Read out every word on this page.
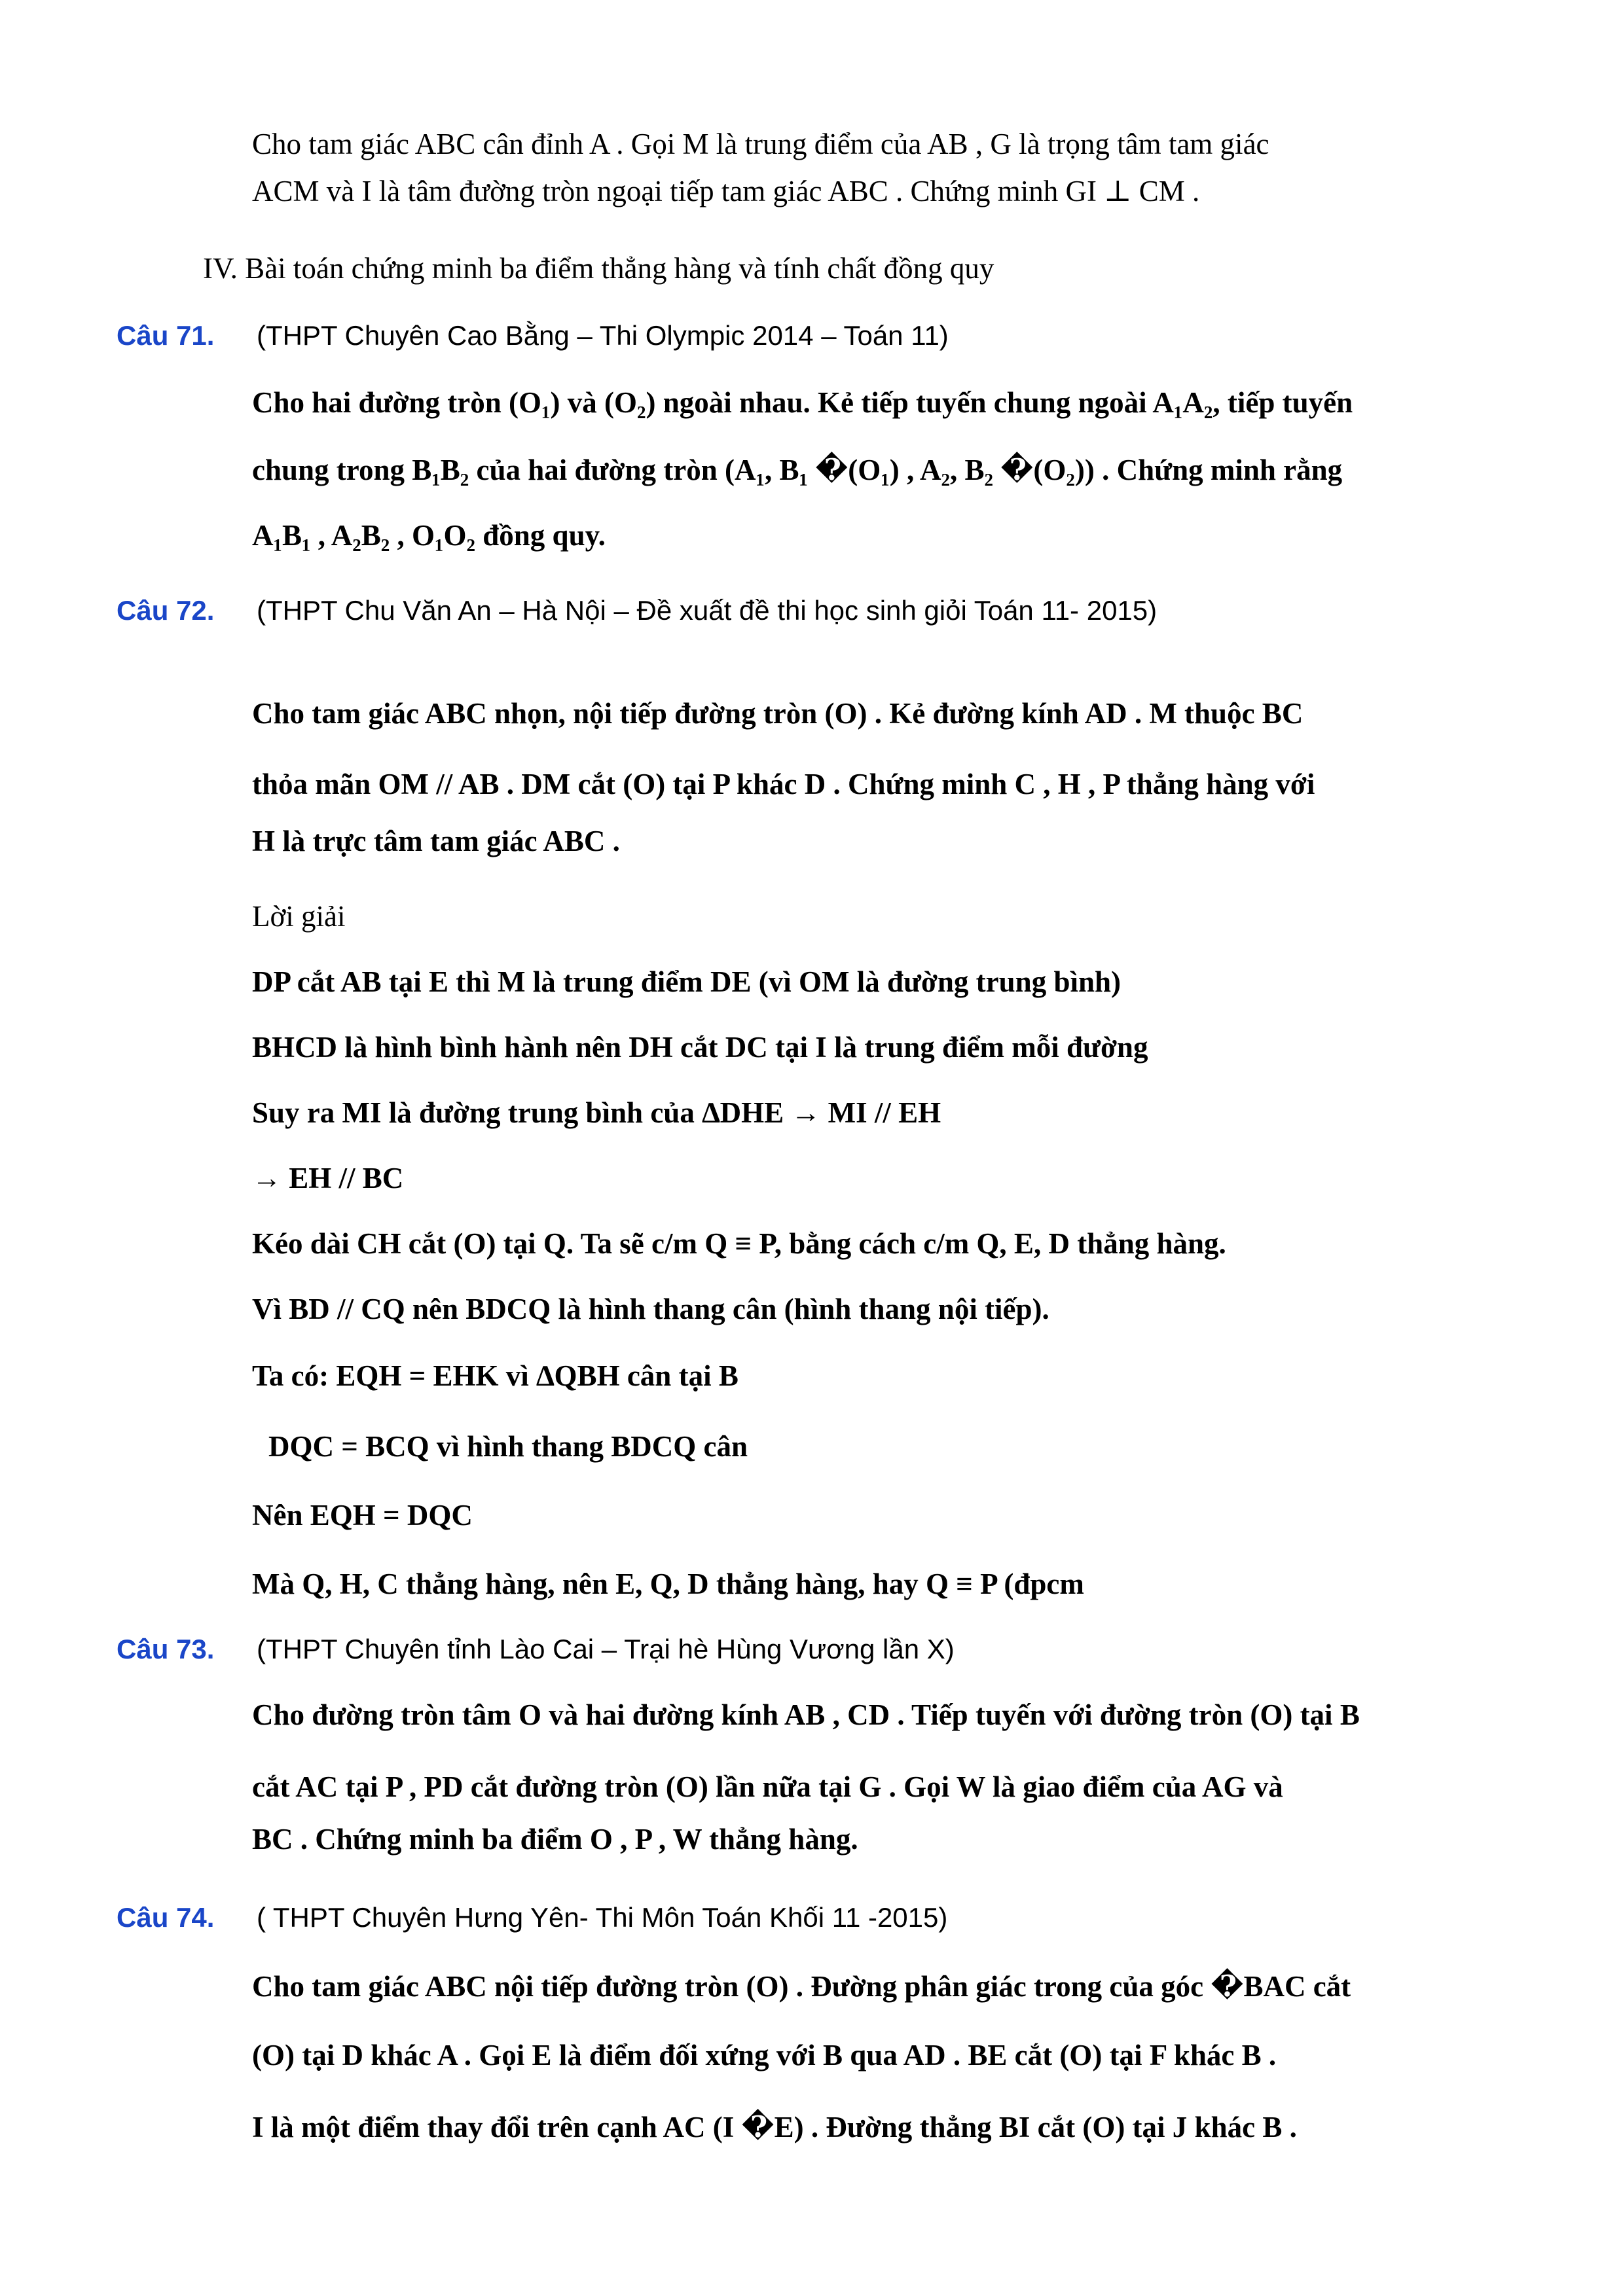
Cho tam giác ABC cân đỉnh A . Gọi M là trung điểm của AB , G là trọng tâm tam giác
ACM và I là tâm đường tròn ngoại tiếp tam giác ABC . Chứng minh GI ⊥ CM .
IV. Bài toán chứng minh ba điểm thẳng hàng và tính chất đồng quy
Câu 71. (THPT Chuyên Cao Bằng – Thi Olympic 2014 – Toán 11)
Cho hai đường tròn (O₁) và (O₂) ngoài nhau. Kẻ tiếp tuyến chung ngoài A₁A₂, tiếp tuyến
chung trong B₁B₂ của hai đường tròn (A₁, B₁ �(O₁) , A₂, B₂ �(O₂)) . Chứng minh rằng
A₁B₁ , A₂B₂ , O₁O₂ đồng quy.
Câu 72. (THPT Chu Văn An – Hà Nội – Đề xuất đề thi học sinh giỏi Toán 11- 2015)
Cho tam giác ABC nhọn, nội tiếp đường tròn (O) . Kẻ đường kính AD . M thuộc BC
thỏa mãn OM // AB . DM cắt (O) tại P khác D . Chứng minh C , H , P thẳng hàng với
H là trực tâm tam giác ABC .
Lời giải
DP cắt AB tại E thì M là trung điểm DE (vì OM là đường trung bình)
BHCD là hình bình hành nên DH cắt DC tại I là trung điểm mỗi đường
Suy ra MI là đường trung bình của ∆DHE → MI // EH
→ EH // BC
Kéo dài CH cắt (O) tại Q. Ta sẽ c/m Q ≡ P, bằng cách c/m Q, E, D thẳng hàng.
Vì BD // CQ nên BDCQ là hình thang cân (hình thang nội tiếp).
Ta có: EQH = EHK vì ∆QBH cân tại B
DQC = BCQ vì hình thang BDCQ cân
Nên EQH = DQC
Mà Q, H, C thẳng hàng, nên E, Q, D thẳng hàng, hay Q ≡ P (đpcm
Câu 73. (THPT Chuyên tỉnh Lào Cai – Trại hè Hùng Vương lần X)
Cho đường tròn tâm O và hai đường kính AB , CD . Tiếp tuyến với đường tròn (O) tại B
cắt AC tại P , PD cắt đường tròn (O) lần nữa tại G . Gọi W là giao điểm của AG và
BC . Chứng minh ba điểm O , P , W thẳng hàng.
Câu 74. ( THPT Chuyên Hưng Yên- Thi Môn Toán Khối 11 -2015)
Cho tam giác ABC nội tiếp đường tròn (O) . Đường phân giác trong của góc �BAC cắt
(O) tại D khác A . Gọi E là điểm đối xứng với B qua AD . BE cắt (O) tại F khác B .
I là một điểm thay đổi trên cạnh AC (I �E) . Đường thẳng BI cắt (O) tại J khác B .
